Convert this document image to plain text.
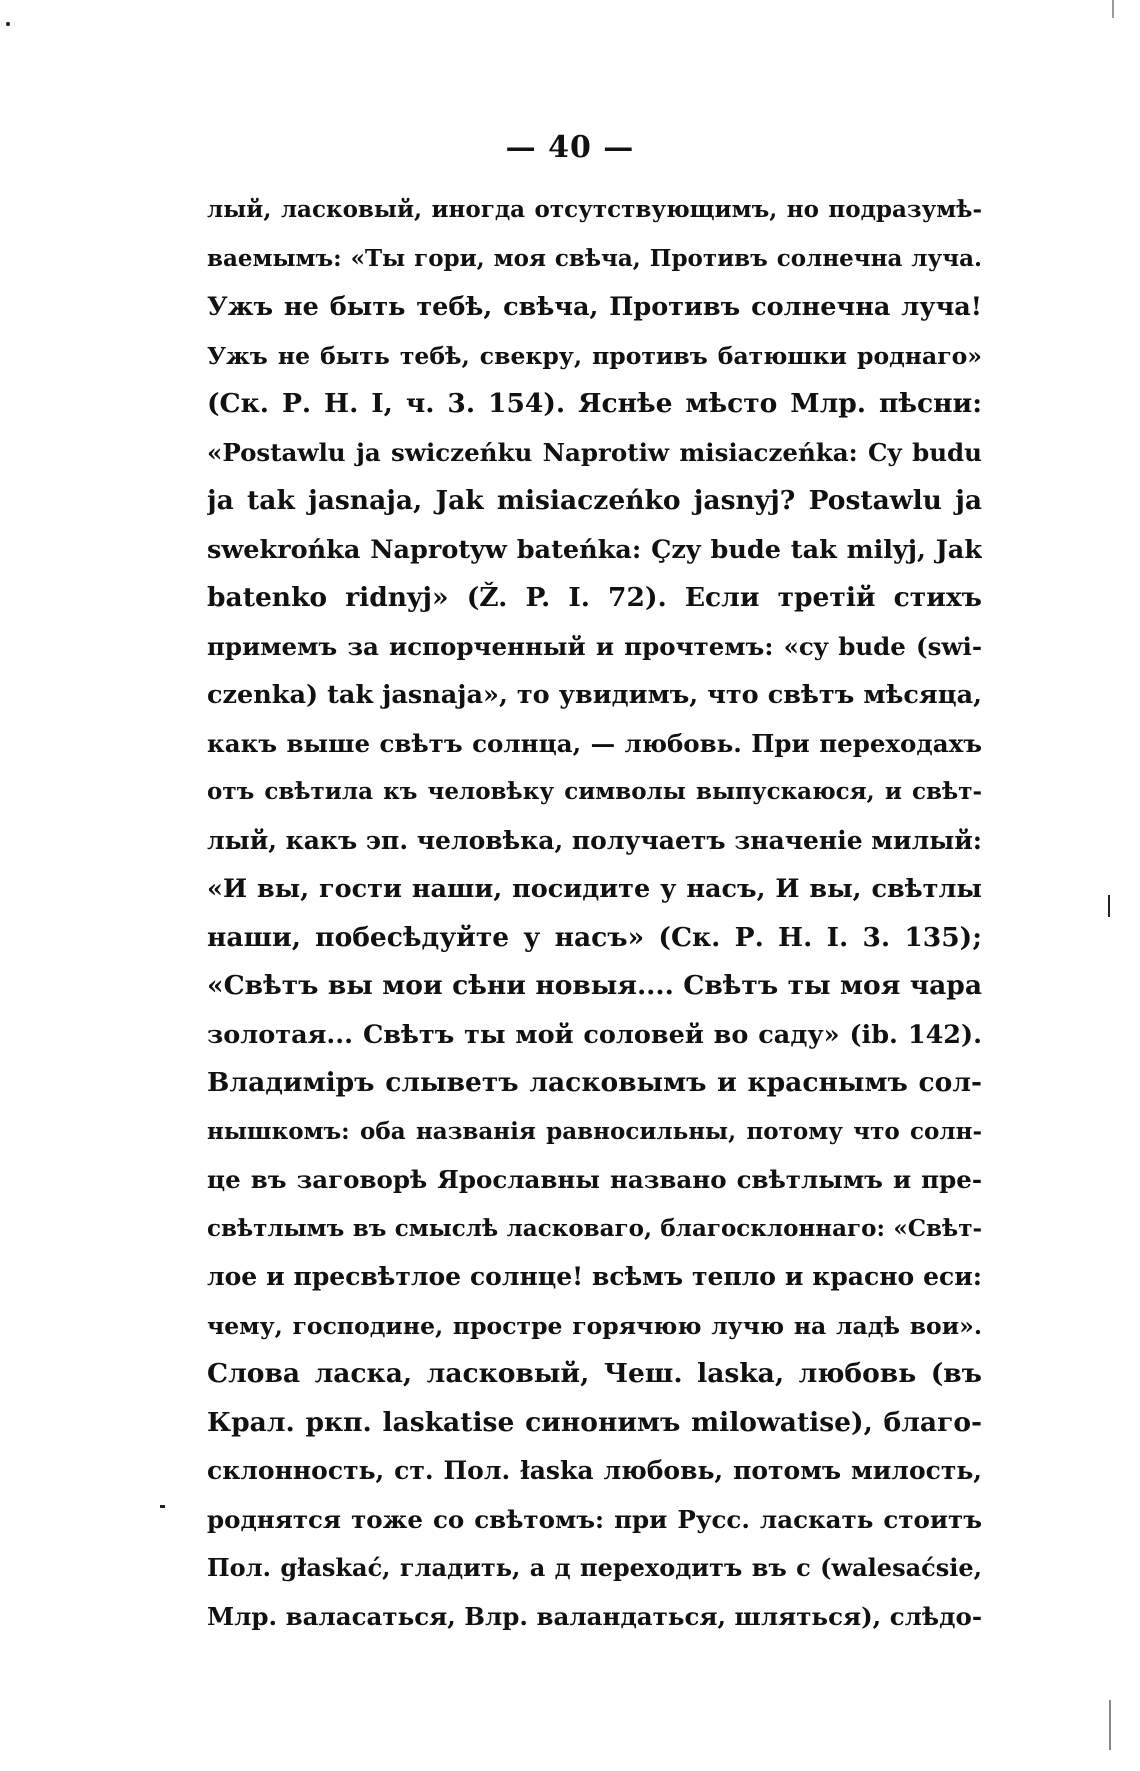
— 40 —
лый, ласковый, иногда отсутствующимъ, но подразумѣ-
ваемымъ: «Ты гори, моя свѣча, Противъ солнечна луча.
Ужъ не быть тебѣ, свѣча, Противъ солнечна луча!
Ужъ не быть тебѣ, свекру, противъ батюшки роднаго»
(Ск. Р. Н. I, ч. 3. 154). Яснѣе мѣсто Млр. пѣсни:
«Postawlu ja swiczeńku Naprotiw misiaczeńka: Cy budu
ja tak jasnaja, Jak misiaczeńko jasnyj? Postawlu ja
swekrońka Naprotyw bateńka: Çzy bude tak milyj, Jak
batenko ridnyj» (Ž. P. I. 72). Если третій стихъ
примемъ за испорченный и прочтемъ: «cy bude (swi-
czenka) tak jasnaja», то увидимъ, что свѣтъ мѣсяца,
какъ выше свѣтъ солнца, — любовь. При переходахъ
отъ свѣтила къ человѣку символы выпускаюся, и свѣт-
лый, какъ эп. человѣка, получаетъ значеніе милый:
«И вы, гости наши, посидите у насъ, И вы, свѣтлы
наши, побесѣдуйте у насъ» (Ск. Р. Н. I. 3. 135);
«Свѣтъ вы мои сѣни новыя.... Свѣтъ ты моя чара
золотая... Свѣтъ ты мой соловей во саду» (ib. 142).
Владиміръ слыветъ ласковымъ и краснымъ сол-
нышкомъ: оба названія равносильны, потому что солн-
це въ заговорѣ Ярославны названо свѣтлымъ и пре-
свѣтлымъ въ смыслѣ ласковаго, благосклоннаго: «Свѣт-
лое и пресвѣтлое солнце! всѣмъ тепло и красно еси:
чему, господине, простре горячюю лучю на ладѣ вои».
Слова ласка, ласковый, Чеш. laska, любовь (въ
Крал. ркп. laskatise синонимъ milowatise), благо-
склонность, ст. Пол. łaska любовь, потомъ милость,
роднятся тоже со свѣтомъ: при Русс. ласкать стоитъ
Пол. głaskać, гладить, а д переходитъ въ с (walesaćsie,
Млр. валасаться, Влр. валандаться, шляться), слѣдо-
